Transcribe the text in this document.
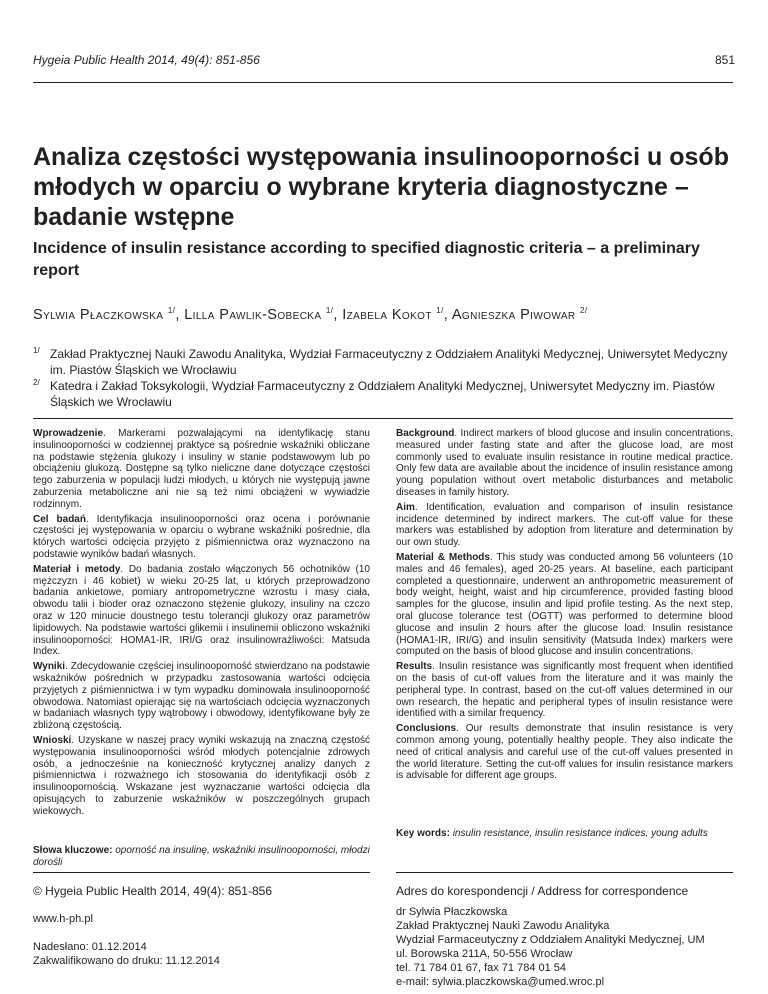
Hygeia Public Health 2014, 49(4): 851-856	851
Analiza częstości występowania insulinooporności u osób młodych w oparciu o wybrane kryteria diagnostyczne – badanie wstępne
Incidence of insulin resistance according to specified diagnostic criteria – a preliminary report
Sylwia Płaczkowska $^{1/}$, Lilla Pawlik-Sobecka $^{1/}$, Izabela Kokot $^{1/}$, Agnieszka Piwowar $^{2/}$
1/ Zakład Praktycznej Nauki Zawodu Analityka, Wydział Farmaceutyczny z Oddziałem Analityki Medycznej, Uniwersytet Medyczny im. Piastów Śląskich we Wrocławiu
2/ Katedra i Zakład Toksykologii, Wydział Farmaceutyczny z Oddziałem Analityki Medycznej, Uniwersytet Medyczny im. Piastów Śląskich we Wrocławiu

Wprowadzenie. Markerami pozwalającymi na identyfikację stanu insulinooporności w codziennej praktyce są pośrednie wskaźniki obliczane na podstawie stężenia glukozy i insuliny w stanie podstawowym lub po obciążeniu glukozą. Dostępne są tylko nieliczne dane dotyczące częstości tego zaburzenia w populacji ludzi młodych, u których nie występują jawne zaburzenia metaboliczne ani nie są też nimi obciążeni w wywiadzie rodzinnym.

Cel badań. Identyfikacja insulinooporności oraz ocena i porównanie częstości jej występowania w oparciu o wybrane wskaźniki pośrednie, dla których wartości odcięcia przyjęto z piśmiennictwa oraz wyznaczono na podstawie wyników badań własnych.

Materiał i metody. Do badania zostało włączonych 56 ochotników (10 mężczyzn i 46 kobiet) w wieku 20-25 lat, u których przeprowadzono badania ankietowe, pomiary antropometryczne wzrostu i masy ciała, obwodu talii i bioder oraz oznaczono stężenie glukozy, insuliny na czczo oraz w 120 minucie doustnego testu tolerancji glukozy oraz parametrów lipidowych. Na podstawie wartości glikemii i insulinemii obliczono wskaźniki insulinooporności: HOMA1-IR, IRI/G oraz insulinowrażliwości: Matsuda Index.

Wyniki. Zdecydowanie częściej insulinooporność stwierdzano na podstawie wskaźników pośrednich w przypadku zastosowania wartości odcięcia przyjętych z piśmiennictwa i w tym wypadku dominowała insulinooporność obwodowa. Natomiast opierając się na wartościach odcięcia wyznaczonych w badaniach własnych typy wątrobowy i obwodowy, identyfikowane były ze zbliżoną częstością.

Wnioski. Uzyskane w naszej pracy wyniki wskazują na znaczną częstość występowania insulinooporności wśród młodych potencjalnie zdrowych osób, a jednocześnie na konieczność krytycznej analizy danych z piśmiennictwa i rozważnego ich stosowania do identyfikacji osób z insulinoopornością. Wskazane jest wyznaczanie wartości odcięcia dla opisujących to zaburzenie wskaźników w poszczególnych grupach wiekowych.

Słowa kluczowe: oporność na insulinę, wskaźniki insulinooporności, młodzi dorośli

Background. Indirect markers of blood glucose and insulin concentrations, measured under fasting state and after the glucose load, are most commonly used to evaluate insulin resistance in routine medical practice. Only few data are available about the incidence of insulin resistance among young population without overt metabolic disturbances and metabolic diseases in family history.

Aim. Identification, evaluation and comparison of insulin resistance incidence determined by indirect markers. The cut-off value for these markers was established by adoption from literature and determination by our own study.

Material & Methods. This study was conducted among 56 volunteers (10 males and 46 females), aged 20-25 years. At baseline, each participant completed a questionnaire, underwent an anthropometric measurement of body weight, height, waist and hip circumference, provided fasting blood samples for the glucose, insulin and lipid profile testing. As the next step, oral glucose tolerance test (OGTT) was performed to determine blood glucose and insulin 2 hours after the glucose load. Insulin resistance (HOMA1-IR, IRI/G) and insulin sensitivity (Matsuda Index) markers were computed on the basis of blood glucose and insulin concentrations.

Results. Insulin resistance was significantly most frequent when identified on the basis of cut-off values from the literature and it was mainly the peripheral type. In contrast, based on the cut-off values determined in our own research, the hepatic and peripheral types of insulin resistance were identified with a similar frequency.

Conclusions. Our results demonstrate that insulin resistance is very common among young, potentially healthy people. They also indicate the need of critical analysis and careful use of the cut-off values presented in the world literature. Setting the cut-off values for insulin resistance markers is advisable for different age groups.

Key words: insulin resistance, insulin resistance indices, young adults
© Hygeia Public Health 2014, 49(4): 851-856
www.h-ph.pl
Nadesłano: 01.12.2014
Zakwalifikowano do druku: 11.12.2014
Adres do korespondencji / Address for correspondence
dr Sylwia Płaczkowska
Zakład Praktycznej Nauki Zawodu Analityka
Wydział Farmaceutyczny z Oddziałem Analityki Medycznej, UM
ul. Borowska 211A, 50-556 Wrocław
tel. 71 784 01 67, fax 71 784 01 54
e-mail: sylwia.placzkowska@umed.wroc.pl
